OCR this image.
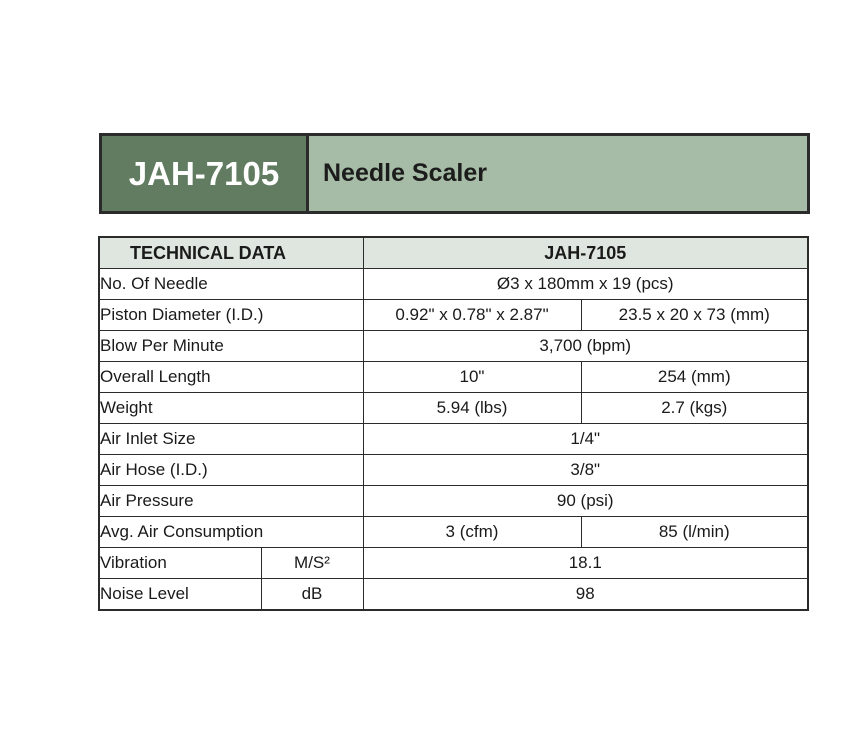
JAH-7105	Needle Scaler
TECHNICAL DATA		JAH-7105	
No. Of Needle		Ø3 x 180mm x 19 (pcs)	
Piston Diameter (I.D.)		0.92" x 0.78" x 2.87"	23.5 x 20 x 73 (mm)
Blow Per Minute		3,700 (bpm)	
Overall Length		10"	254 (mm)
Weight		5.94 (lbs)	2.7 (kgs)
Air Inlet Size		1/4"	
Air Hose (I.D.)		3/8"	
Air Pressure		90 (psi)	
Avg. Air Consumption		3 (cfm)	85 (l/min)
Vibration	M/S²	18.1	
Noise Level	dB	98	
